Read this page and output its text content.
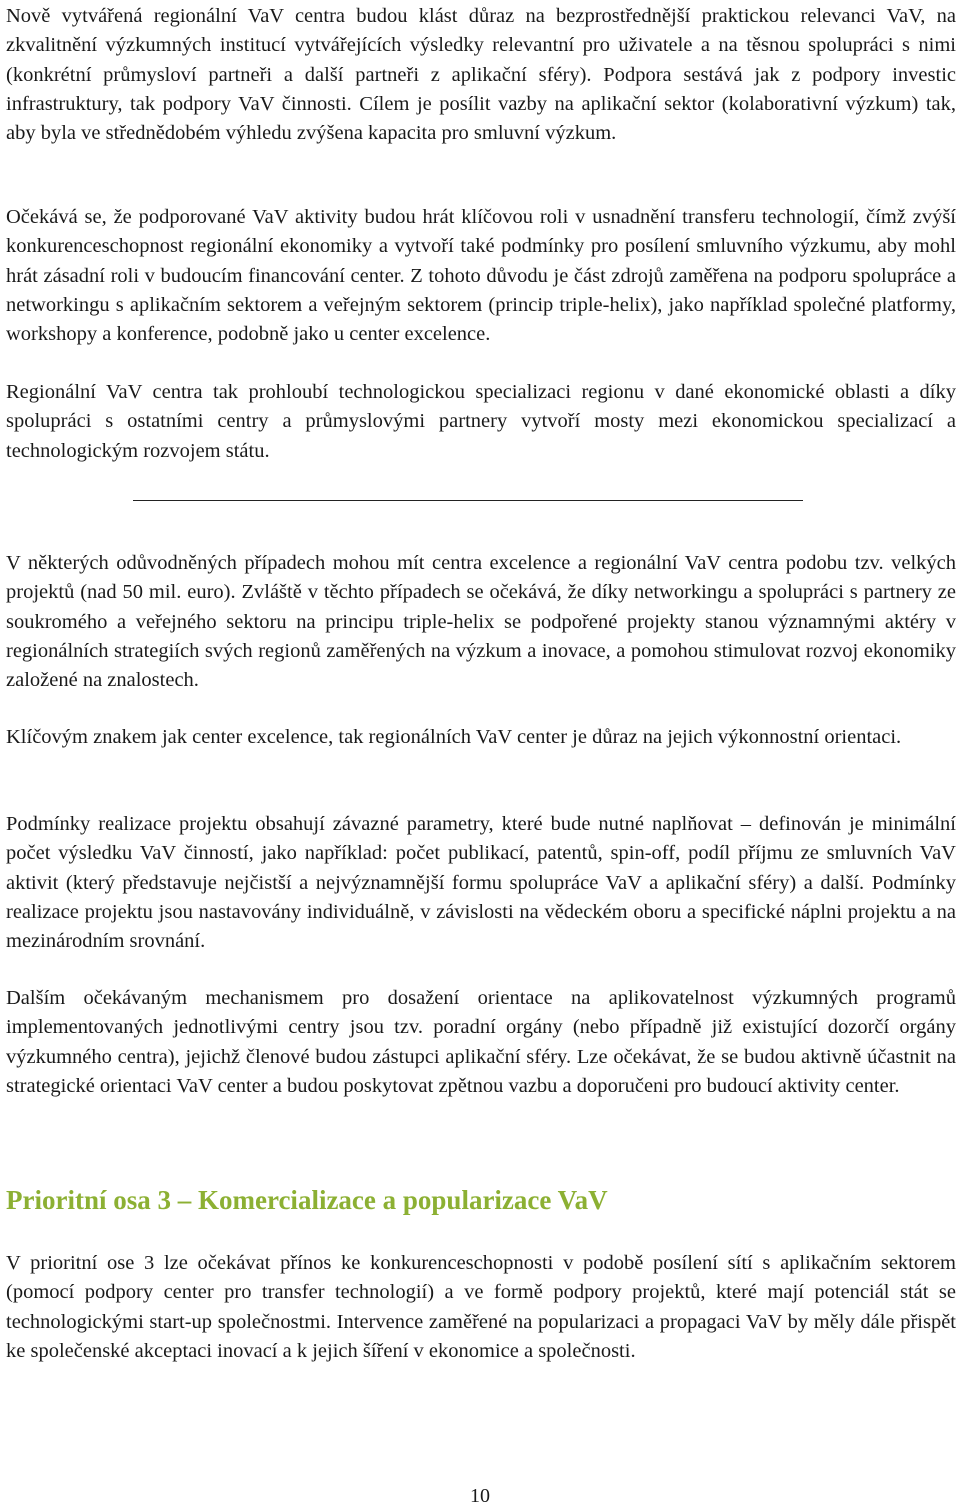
Nově vytvářená regionální VaV centra budou klást důraz na bezprostřednější praktickou relevanci VaV, na zkvalitnění výzkumných institucí vytvářejících výsledky relevantní pro uživatele a na těsnou spolupráci s nimi (konkrétní průmysloví partneři a další partneři z aplikační sféry). Podpora sestává jak z podpory investic infrastruktury, tak podpory VaV činnosti. Cílem je posílit vazby na aplikační sektor (kolaborativní výzkum) tak, aby byla ve střednědobém výhledu zvýšena kapacita pro smluvní výzkum.

Očekává se, že podporované VaV aktivity budou hrát klíčovou roli v usnadnění transferu technologií, čímž zvýší konkurenceschopnost regionální ekonomiky a vytvoří také podmínky pro posílení smluvního výzkumu, aby mohl hrát zásadní roli v budoucím financování center. Z tohoto důvodu je část zdrojů zaměřena na podporu spolupráce a networkingu s aplikačním sektorem a veřejným sektorem (princip triple-helix), jako například společné platformy, workshopy a konference, podobně jako u center excelence.

Regionální VaV centra tak prohloubí technologickou specializaci regionu v dané ekonomické oblasti a díky spolupráci s ostatními centry a průmyslovými partnery vytvoří mosty mezi ekonomickou specializací a technologickým rozvojem státu.

V některých odůvodněných případech mohou mít centra excelence a regionální VaV centra podobu tzv. velkých projektů (nad 50 mil. euro). Zvláště v těchto případech se očekává, že díky networkingu a spolupráci s partnery ze soukromého a veřejného sektoru na principu triple-helix se podpořené projekty stanou významnými aktéry v regionálních strategiích svých regionů zaměřených na výzkum a inovace, a pomohou stimulovat rozvoj ekonomiky založené na znalostech.

Klíčovým znakem jak center excelence, tak regionálních VaV center je důraz na jejich výkonnostní orientaci.

Podmínky realizace projektu obsahují závazné parametry, které bude nutné naplňovat – definován je minimální počet výsledku VaV činností, jako například: počet publikací, patentů, spin-off, podíl příjmu ze smluvních VaV aktivit (který představuje nejčistší a nejvýznamnější formu spolupráce VaV a aplikační sféry) a další. Podmínky realizace projektu jsou nastavovány individuálně, v závislosti na vědeckém oboru a specifické náplni projektu a na mezinárodním srovnání.

Dalším očekávaným mechanismem pro dosažení orientace na aplikovatelnost výzkumných programů implementovaných jednotlivými centry jsou tzv. poradní orgány (nebo případně již existující dozorčí orgány výzkumného centra), jejichž členové budou zástupci aplikační sféry. Lze očekávat, že se budou aktivně účastnit na strategické orientaci VaV center a budou poskytovat zpětnou vazbu a doporučeni pro budoucí aktivity center.

Prioritní osa 3 – Komercializace a popularizace VaV

V prioritní ose 3 lze očekávat přínos ke konkurenceschopnosti v podobě posílení sítí s aplikačním sektorem (pomocí podpory center pro transfer technologií) a ve formě podpory projektů, které mají potenciál stát se technologickými start-up společnostmi. Intervence zaměřené na popularizaci a propagaci VaV by měly dále přispět ke společenské akceptaci inovací a k jejich šíření v ekonomice a společnosti.

10
